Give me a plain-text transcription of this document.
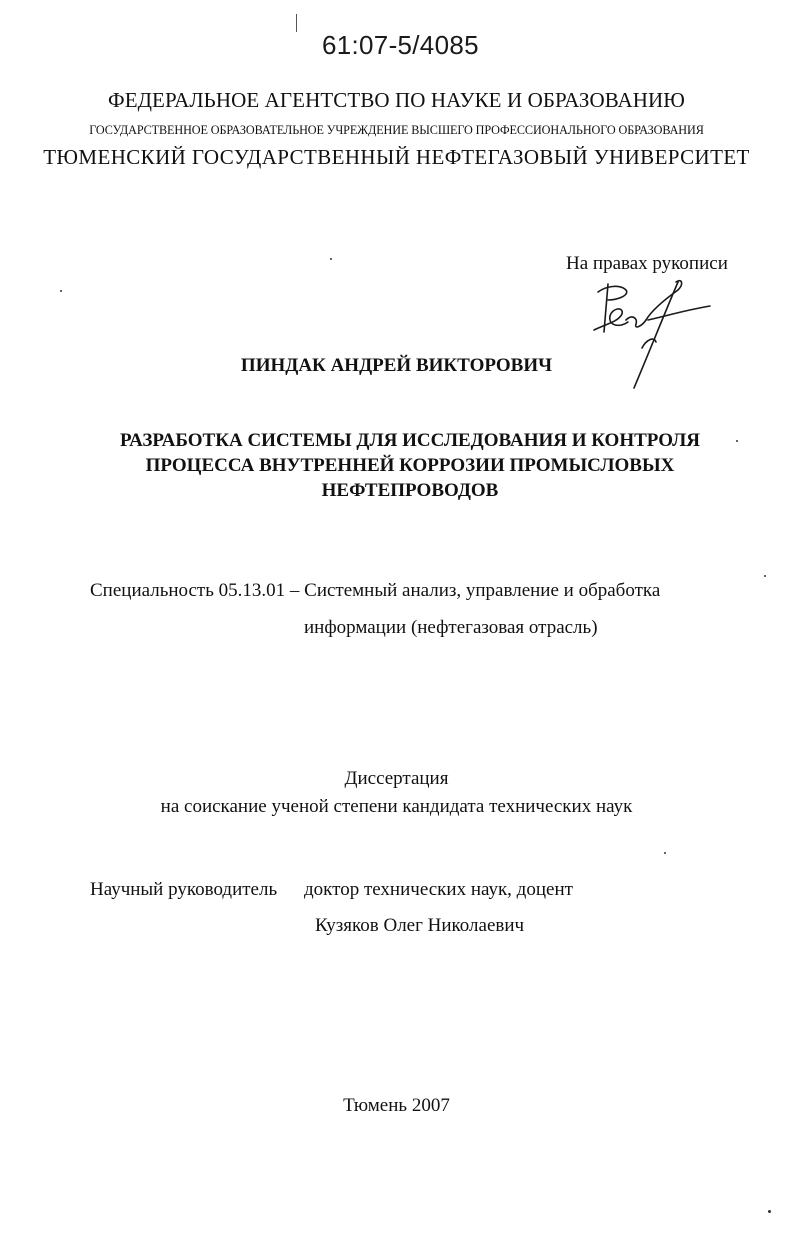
61:07-5/4085
ФЕДЕРАЛЬНОЕ АГЕНТСТВО ПО НАУКЕ И ОБРАЗОВАНИЮ
ГОСУДАРСТВЕННОЕ ОБРАЗОВАТЕЛЬНОЕ УЧРЕЖДЕНИЕ ВЫСШЕГО ПРОФЕССИОНАЛЬНОГО ОБРАЗОВАНИЯ
ТЮМЕНСКИЙ ГОСУДАРСТВЕННЫЙ НЕФТЕГАЗОВЫЙ УНИВЕРСИТЕТ
На правах рукописи
ПИНДАК АНДРЕЙ ВИКТОРОВИЧ
РАЗРАБОТКА СИСТЕМЫ ДЛЯ ИССЛЕДОВАНИЯ И КОНТРОЛЯ ПРОЦЕССА ВНУТРЕННЕЙ КОРРОЗИИ ПРОМЫСЛОВЫХ НЕФТЕПРОВОДОВ
Специальность 05.13.01 – Системный анализ, управление и обработка
информации (нефтегазовая отрасль)
Диссертация
на соискание ученой степени кандидата технических наук
Научный руководитель доктор технических наук, доцент
Кузяков Олег Николаевич
Тюмень 2007
